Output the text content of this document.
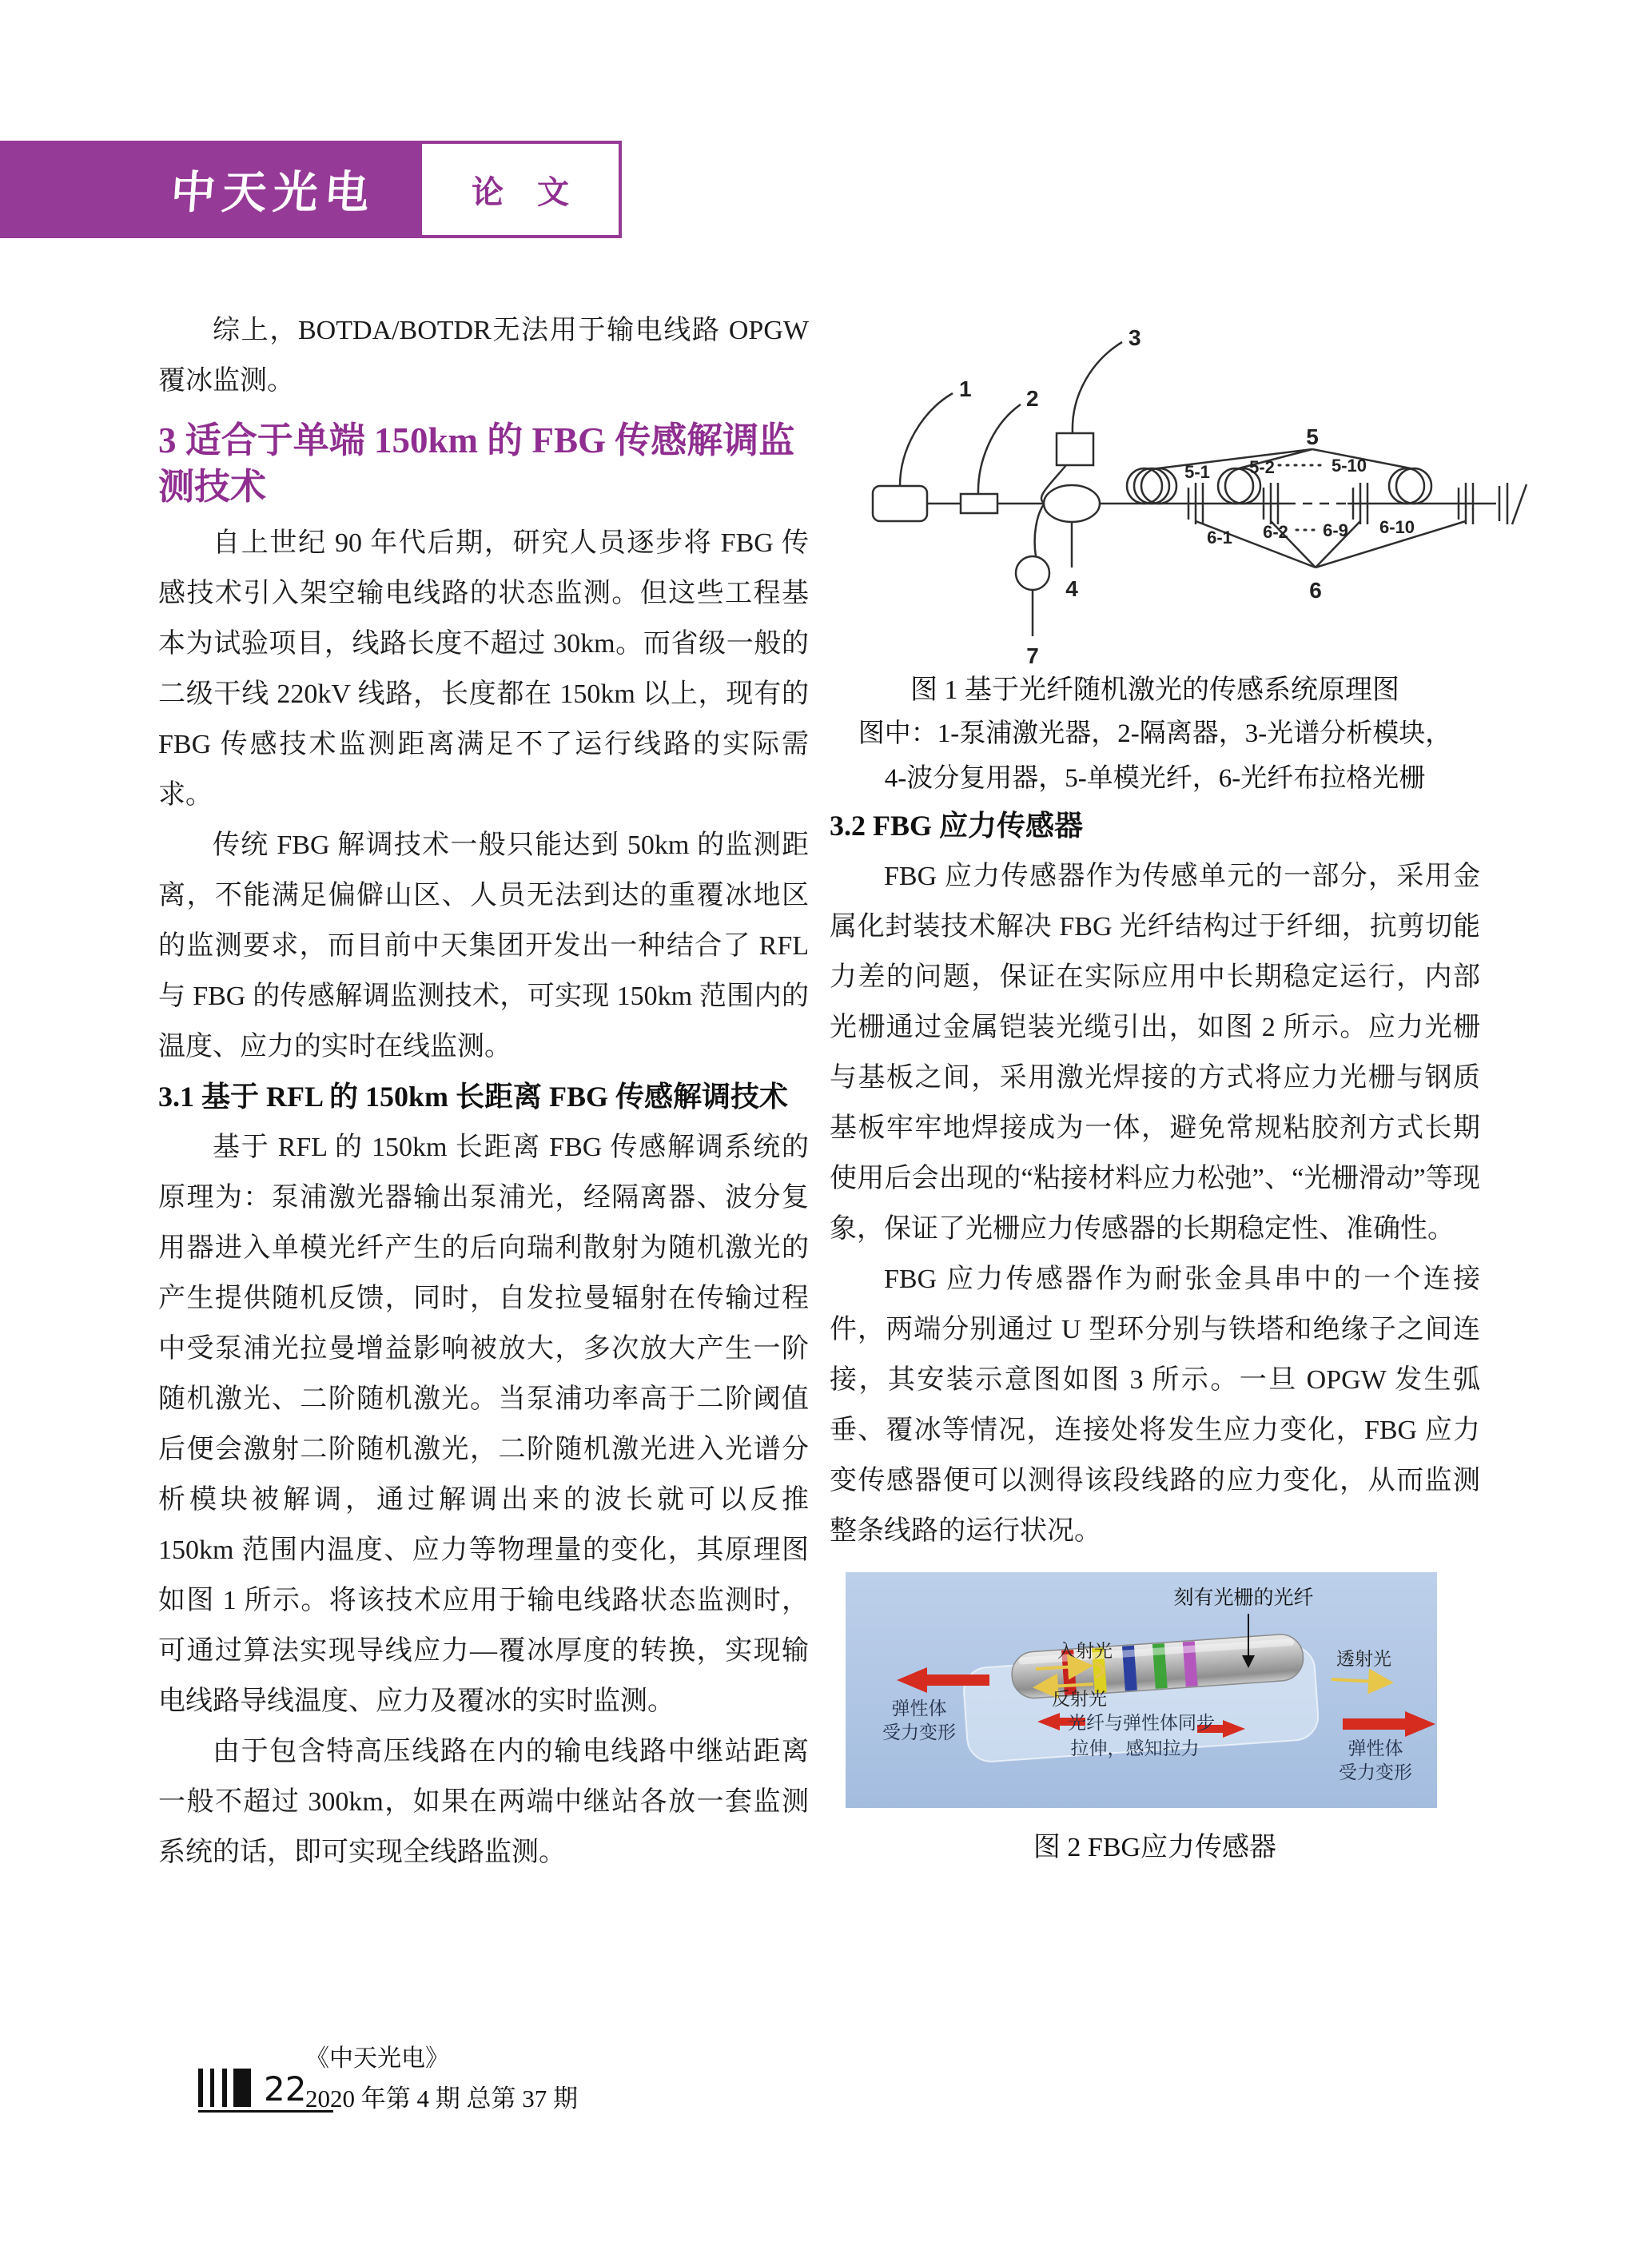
中天光电	论 文

综上，BOTDA/BOTDR无法用于输电线路 OPGW 覆冰监测。

3 适合于单端 150km 的 FBG 传感解调监测技术

自上世纪 90 年代后期，研究人员逐步将 FBG 传感技术引入架空输电线路的状态监测。但这些工程基本为试验项目，线路长度不超过 30km。而省级一般的二级干线 220kV 线路，长度都在 150km 以上，现有的 FBG 传感技术监测距离满足不了运行线路的实际需求。

传统 FBG 解调技术一般只能达到 50km 的监测距离，不能满足偏僻山区、人员无法到达的重覆冰地区的监测要求，而目前中天集团开发出一种结合了 RFL 与 FBG 的传感解调监测技术，可实现 150km 范围内的温度、应力的实时在线监测。

3.1 基于 RFL 的 150km 长距离 FBG 传感解调技术

基于 RFL 的 150km 长距离 FBG 传感解调系统的原理为：泵浦激光器输出泵浦光，经隔离器、波分复用器进入单模光纤产生的后向瑞利散射为随机激光的产生提供随机反馈，同时，自发拉曼辐射在传输过程中受泵浦光拉曼增益影响被放大，多次放大产生一阶随机激光、二阶随机激光。当泵浦功率高于二阶阈值后便会激射二阶随机激光，二阶随机激光进入光谱分析模块被解调，通过解调出来的波长就可以反推 150km 范围内温度、应力等物理量的变化，其原理图如图 1 所示。将该技术应用于输电线路状态监测时，可通过算法实现导线应力—覆冰厚度的转换，实现输电线路导线温度、应力及覆冰的实时监测。

由于包含特高压线路在内的输电线路中继站距离一般不超过 300km，如果在两端中继站各放一套监测系统的话，即可实现全线路监测。

1 2
3
4
5
6
7
5-1 5-2	5-10
6-1 6-2 6-9 6-10
图 1 基于光纤随机激光的传感系统原理图
图中：1-泵浦激光器，2-隔离器，3-光谱分析模块，
4-波分复用器，5-单模光纤，6-光纤布拉格光栅
3.2 FBG 应力传感器

FBG 应力传感器作为传感单元的一部分，采用金属化封装技术解决 FBG 光纤结构过于纤细，抗剪切能力差的问题，保证在实际应用中长期稳定运行，内部光栅通过金属铠装光缆引出，如图 2 所示。应力光栅与基板之间，采用激光焊接的方式将应力光栅与钢质基板牢牢地焊接成为一体，避免常规粘胶剂方式长期使用后会出现的“粘接材料应力松弛”、“光栅滑动”等现象，保证了光栅应力传感器的长期稳定性、准确性。

FBG 应力传感器作为耐张金具串中的一个连接件，两端分别通过 U 型环分别与铁塔和绝缘子之间连接，其安装示意图如图 3 所示。一旦 OPGW 发生弧垂、覆冰等情况，连接处将发生应力变化，FBG 应力变传感器便可以测得该段线路的应力变化，从而监测整条线路的运行状况。

刻有光栅的光纤
入射光
反射光
透射光
弹性体
受力变形
弹性体
受力变形
光纤与弹性体同步
拉伸，感知拉力
图 2 FBG应力传感器
22
《中天光电》
2020 年第 4 期 总第 37 期
